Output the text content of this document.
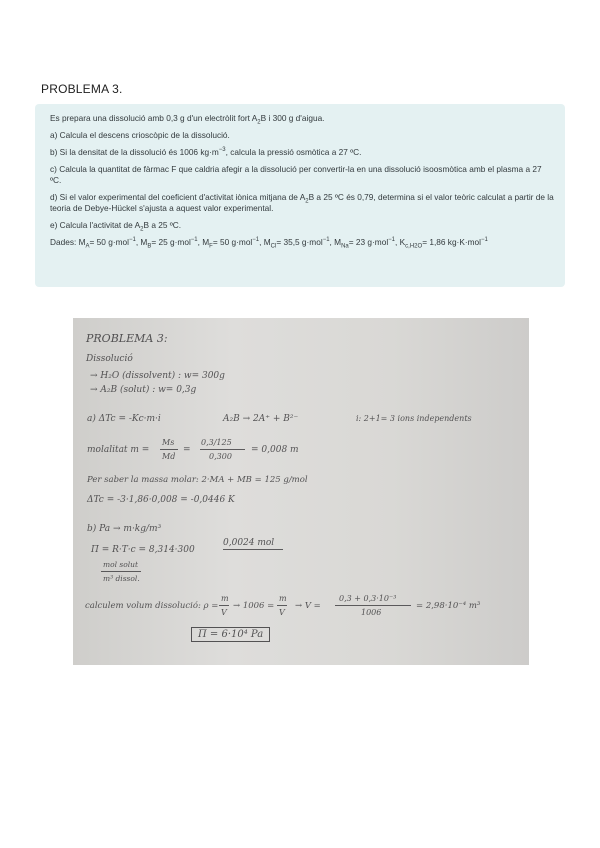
PROBLEMA 3.

Es prepara una dissolució amb 0,3 g d'un electròlit fort $A_2B$ i 300 g d'aigua.

a) Calcula el descens crioscòpic de la dissolució.

b) Si la densitat de la dissolució és 1006 $kg\cdot m^{-3}$, calcula la pressió osmòtica a 27 ºC.

c) Calcula la quantitat de fàrmac F que caldria afegir a la dissolució per convertir-la en una dissolució isoosmòtica amb el plasma a 27 ºC.

d) Si el valor experimental del coeficient d'activitat iònica mitjana de $A_2B$ a 25 ºC és 0,79, determina si el valor teòric calculat a partir de la teoria de Debye-Hückel s'ajusta a aquest valor experimental.

e) Calcula l'activitat de $A_2B$ a 25 ºC.

Dades: $M_A= 50$ g·mol$^{-1}$, $M_B= 25$ g·mol$^{-1}$, $M_F= 50$ g·mol$^{-1}$, $M_{Cl}= 35,5$ g·mol$^{-1}$, $M_{Na}= 23$ g·mol$^{-1}$, $K_{c,H2O}= 1,86$ kg·K·mol$^{-1}$

PROBLEMA 3:
Dissolució
→ H₂O (dissolvent) : w= 300g
→ A₂B (solut) : w= 0,3g
a) ΔTc = -Kc·m·i	A₂B → 2A⁺ + B²⁻	i: 2+1= 3 ions independents
molalitat m =
Ms
Md
=
0,3/125
0,300
= 0,008 m
Per saber la massa molar: 2·MA + MB = 125 g/mol
ΔTc = -3·1,86·0,008 = -0,0446 K
b) Pa → m·kg/m³
Π = R·T·c = 8,314·300
0,0024 mol
mol solut
m³ dissol.
calculem volum dissolució: ρ =
m
V
→ 1006 =
m
V
→ V =
0,3 + 0,3·10⁻³
1006
= 2,98·10⁻⁴ m³
Π = 6·10⁴ Pa
